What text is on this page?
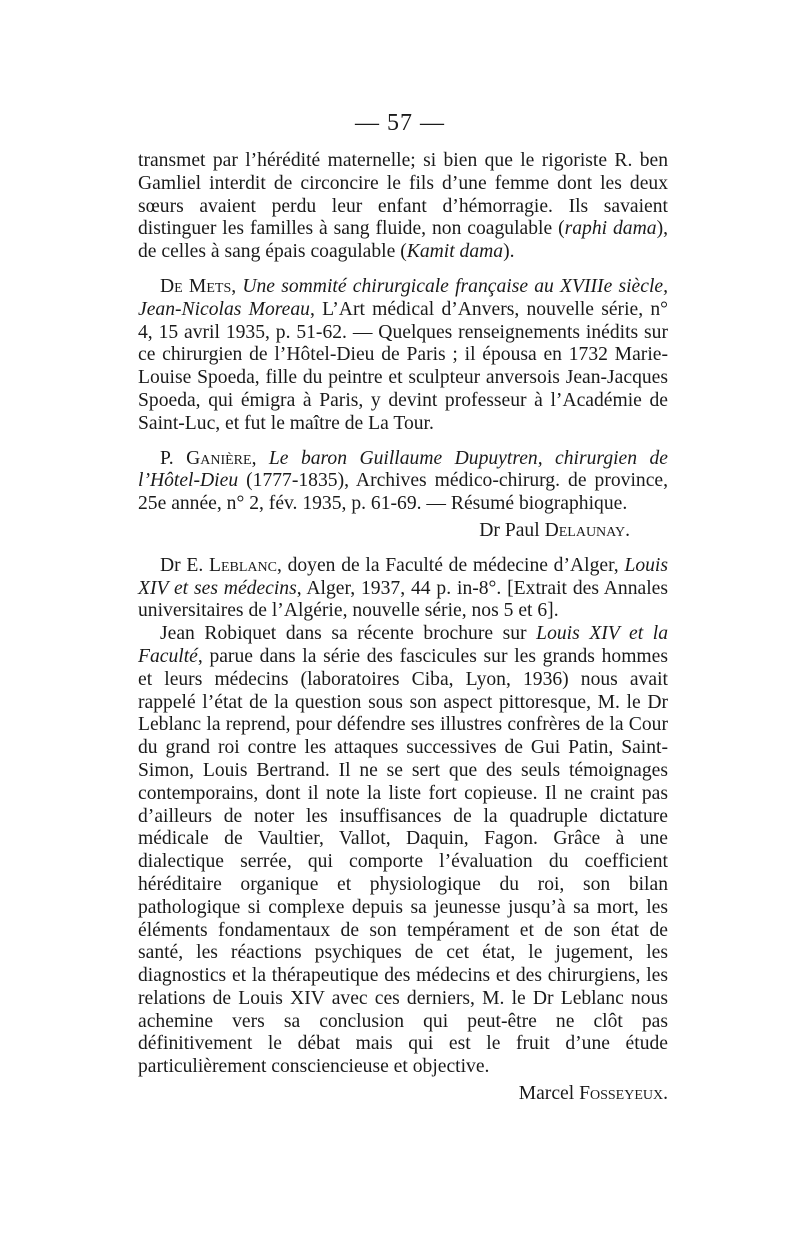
— 57 —

transmet par l’hérédité maternelle; si bien que le rigoriste R. ben Gamliel interdit de circoncire le fils d’une femme dont les deux sœurs avaient perdu leur enfant d’hémorragie. Ils savaient distinguer les familles à sang fluide, non coagulable (raphi dama), de celles à sang épais coagulable (Kamit dama).

De Mets, Une sommité chirurgicale française au XVIIIe siècle, Jean-Nicolas Moreau, L’Art médical d’Anvers, nouvelle série, n° 4, 15 avril 1935, p. 51-62. — Quelques renseignements inédits sur ce chirurgien de l’Hôtel-Dieu de Paris ; il épousa en 1732 Marie-Louise Spoeda, fille du peintre et sculpteur anversois Jean-Jacques Spoeda, qui émigra à Paris, y devint professeur à l’Académie de Saint-Luc, et fut le maître de La Tour.

P. Ganière, Le baron Guillaume Dupuytren, chirurgien de l’Hôtel-Dieu (1777-1835), Archives médico-chirurg. de province, 25e année, n° 2, fév. 1935, p. 61-69. — Résumé biographique.

Dr Paul Delaunay.

Dr E. Leblanc, doyen de la Faculté de médecine d’Alger, Louis XIV et ses médecins, Alger, 1937, 44 p. in-8°. [Extrait des Annales universitaires de l’Algérie, nouvelle série, nos 5 et 6].

Jean Robiquet dans sa récente brochure sur Louis XIV et la Faculté, parue dans la série des fascicules sur les grands hommes et leurs médecins (laboratoires Ciba, Lyon, 1936) nous avait rappelé l’état de la question sous son aspect pittoresque, M. le Dr Leblanc la reprend, pour défendre ses illustres confrères de la Cour du grand roi contre les attaques successives de Gui Patin, Saint-Simon, Louis Bertrand. Il ne se sert que des seuls témoignages contemporains, dont il note la liste fort copieuse. Il ne craint pas d’ailleurs de noter les insuffisances de la quadruple dictature médicale de Vaultier, Vallot, Daquin, Fagon. Grâce à une dialectique serrée, qui comporte l’évaluation du coefficient héréditaire organique et physiologique du roi, son bilan pathologique si complexe depuis sa jeunesse jusqu’à sa mort, les éléments fondamentaux de son tempérament et de son état de santé, les réactions psychiques de cet état, le jugement, les diagnostics et la thérapeutique des médecins et des chirurgiens, les relations de Louis XIV avec ces derniers, M. le Dr Leblanc nous achemine vers sa conclusion qui peut-être ne clôt pas définitivement le débat mais qui est le fruit d’une étude particulièrement consciencieuse et objective.

Marcel Fosseyeux.
